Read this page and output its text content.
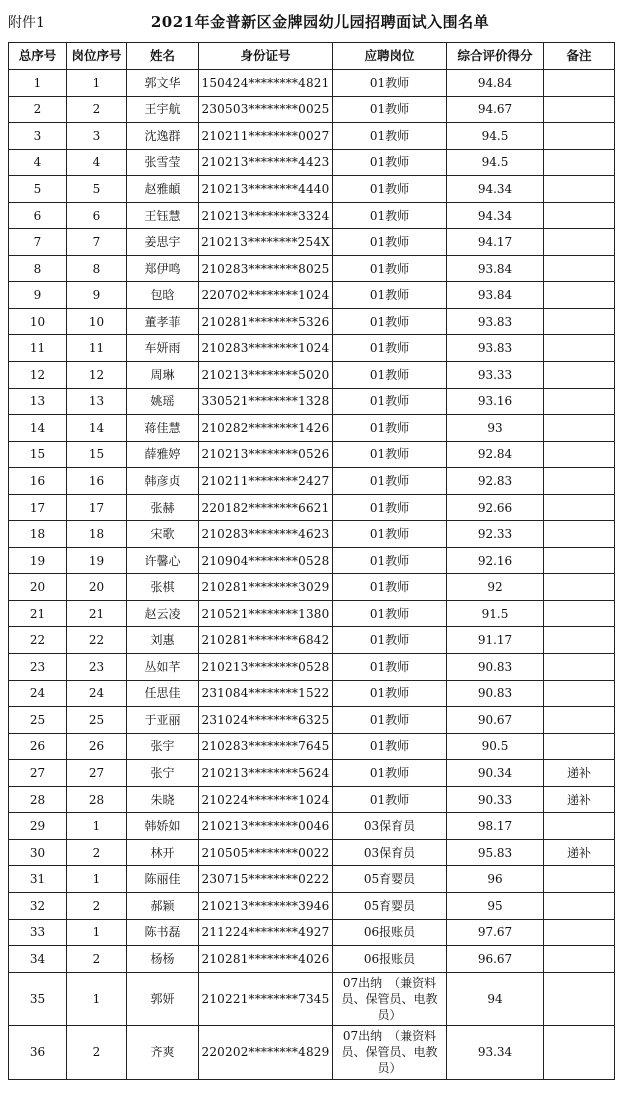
附件1	2021年金普新区金牌园幼儿园招聘面试入围名单
总序号	岗位序号	姓名	身份证号	应聘岗位	综合评价得分	备注
1	1	郭文华	150424********4821	01教师	94.84	
2	2	王宇航	230503********0025	01教师	94.67	
3	3	沈逸群	210211********0027	01教师	94.5	
4	4	张雪莹	210213********4423	01教师	94.5	
5	5	赵雅頔	210213********4440	01教师	94.34	
6	6	王钰慧	210213********3324	01教师	94.34	
7	7	姜思宇	210213********254X	01教师	94.17	
8	8	郑伊鸣	210283********8025	01教师	93.84	
9	9	包晗	220702********1024	01教师	93.84	
10	10	董孝菲	210281********5326	01教师	93.83	
11	11	车妍雨	210283********1024	01教师	93.83	
12	12	周琳	210213********5020	01教师	93.33	
13	13	姚瑶	330521********1328	01教师	93.16	
14	14	蒋佳慧	210282********1426	01教师	93	
15	15	薛雅婷	210213********0526	01教师	92.84	
16	16	韩彦贞	210211********2427	01教师	92.83	
17	17	张赫	220182********6621	01教师	92.66	
18	18	宋歌	210283********4623	01教师	92.33	
19	19	许馨心	210904********0528	01教师	92.16	
20	20	张棋	210281********3029	01教师	92	
21	21	赵云凌	210521********1380	01教师	91.5	
22	22	刘惠	210281********6842	01教师	91.17	
23	23	丛如芊	210213********0528	01教师	90.83	
24	24	任思佳	231084********1522	01教师	90.83	
25	25	于亚丽	231024********6325	01教师	90.67	
26	26	张宇	210283********7645	01教师	90.5	
27	27	张宁	210213********5624	01教师	90.34	递补
28	28	朱晓	210224********1024	01教师	90.33	递补
29	1	韩娇如	210213********0046	03保育员	98.17	
30	2	林开	210505********0022	03保育员	95.83	递补
31	1	陈丽佳	230715********0222	05育婴员	96	
32	2	郝颖	210213********3946	05育婴员	95	
33	1	陈书磊	211224********4927	06报账员	97.67	
34	2	杨杨	210281********4026	06报账员	96.67	
35	1	郭妍	210221********7345	07出纳　（兼资料员、保管员、电教员）	94	
36	2	齐爽	220202********4829	07出纳　（兼资料员、保管员、电教员）	93.34	
